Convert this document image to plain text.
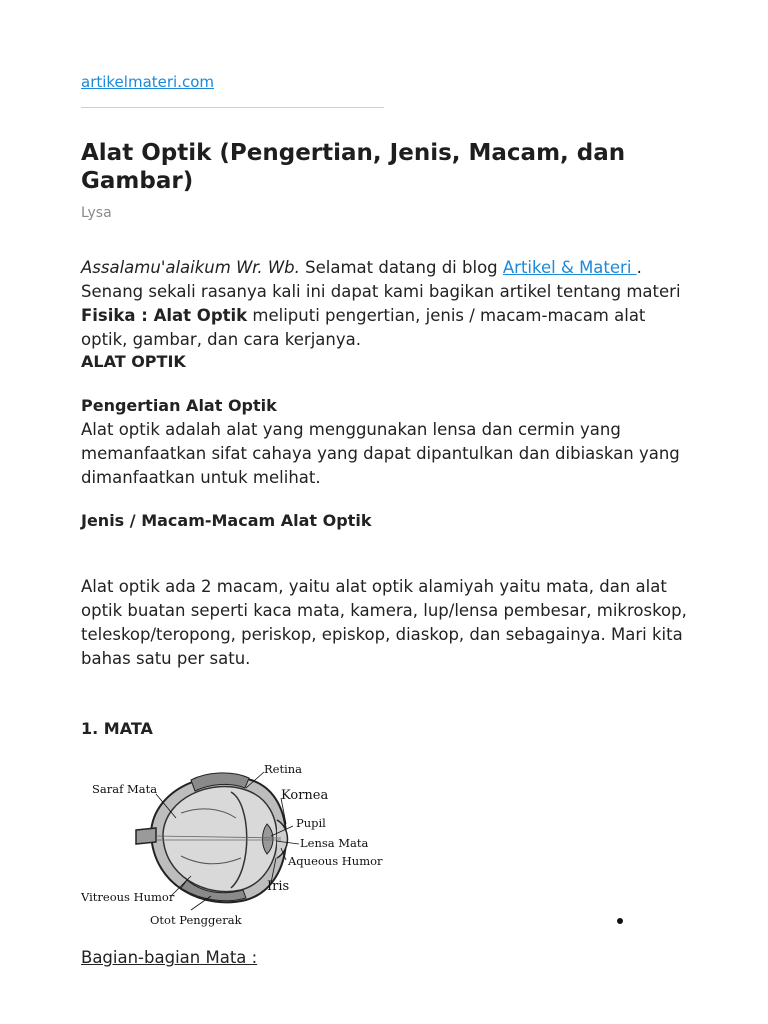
artikelmateri.com
Alat Optik (Pengertian, Jenis, Macam, dan Gambar)
Lysa

Assalamu'alaikum Wr. Wb. Selamat datang di blog Artikel & Materi . Senang sekali rasanya kali ini dapat kami bagikan artikel tentang materi Fisika : Alat Optik meliputi pengertian, jenis / macam-macam alat optik, gambar, dan cara kerjanya.

ALAT OPTIK
Pengertian Alat Optik

Alat optik adalah alat yang menggunakan lensa dan cermin yang memanfaatkan sifat cahaya yang dapat dipantulkan dan dibiaskan yang dimanfaatkan untuk melihat.

Jenis / Macam-Macam Alat Optik

Alat optik ada 2 macam, yaitu alat optik alamiyah yaitu mata, dan alat optik buatan seperti kaca mata, kamera, lup/lensa pembesar, mikroskop, teleskop/teropong, periskop, episkop, diaskop, dan sebagainya. Mari kita bahas satu per satu.

1. MATA
Retina
Saraf Mata	Kornea
Pupil
Lensa Mata
Aqueous Humor
Iris
Vitreous Humor
Otot Penggerak
Bagian-bagian Mata :
